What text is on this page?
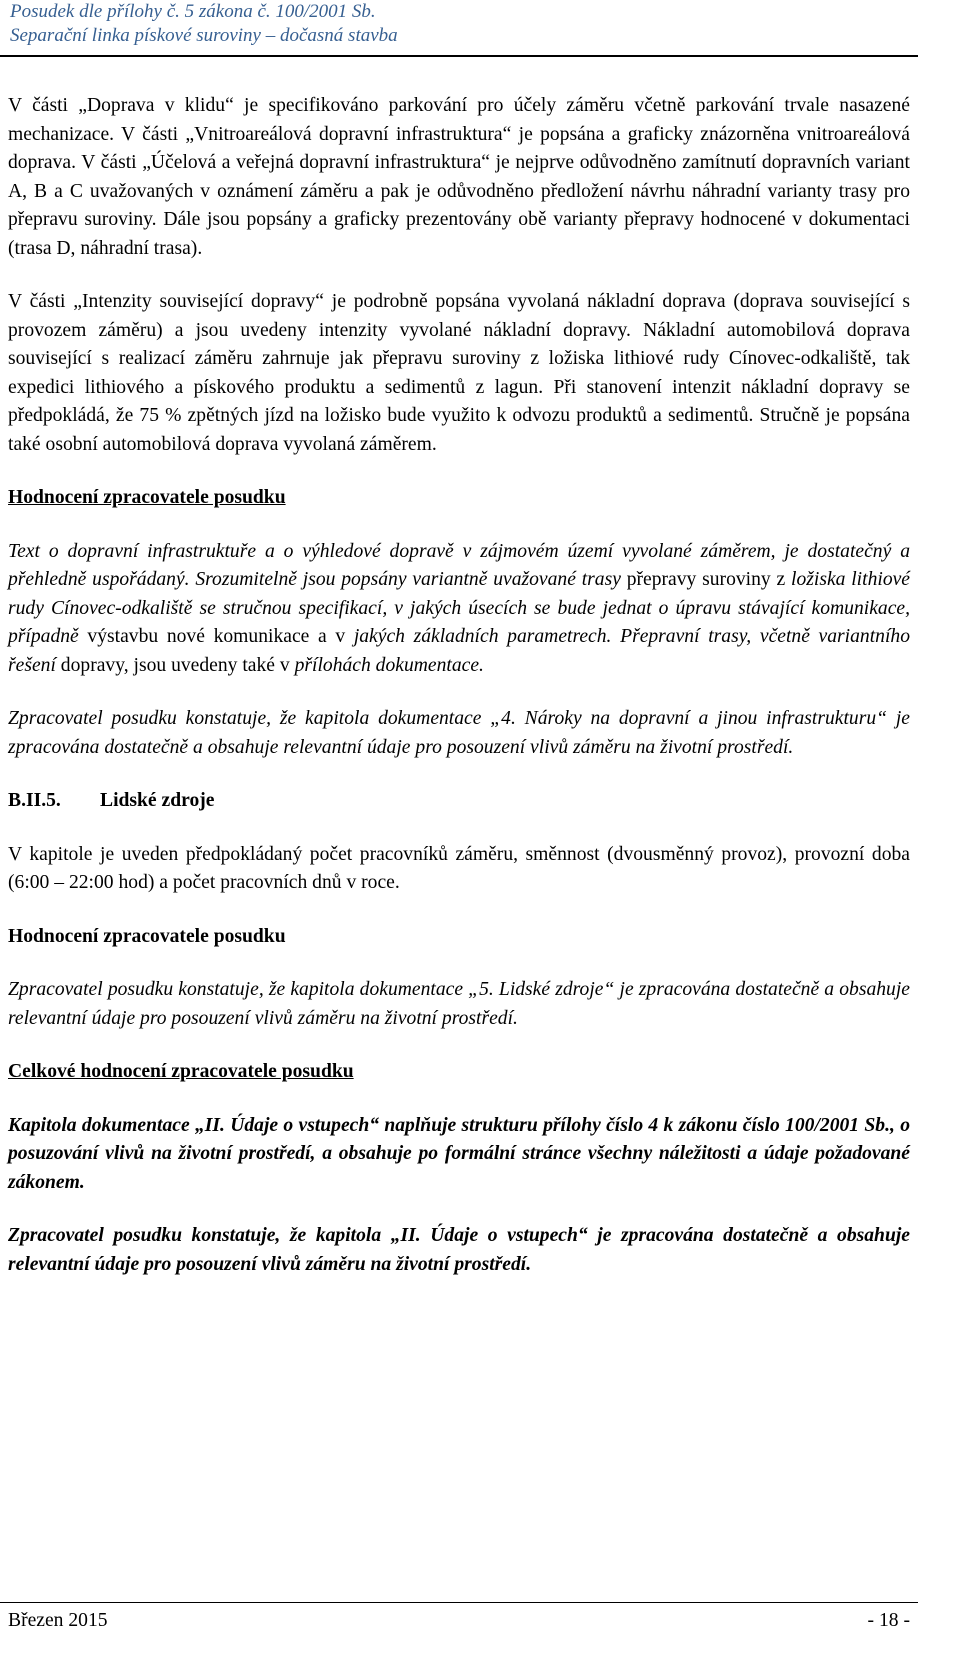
Posudek dle přílohy č. 5 zákona č. 100/2001 Sb.
Separační linka pískové suroviny – dočasná stavba

V části „Doprava v klidu“ je specifikováno parkování pro účely záměru včetně parkování trvale nasazené mechanizace. V části „Vnitroareálová dopravní infrastruktura“ je popsána a graficky znázorněna vnitroareálová doprava. V části „Účelová a veřejná dopravní infrastruktura“ je nejprve odůvodněno zamítnutí dopravních variant A, B a C uvažovaných v oznámení záměru a pak je odůvodněno předložení návrhu náhradní varianty trasy pro přepravu suroviny. Dále jsou popsány a graficky prezentovány obě varianty přepravy hodnocené v dokumentaci (trasa D, náhradní trasa).

V části „Intenzity související dopravy“ je podrobně popsána vyvolaná nákladní doprava (doprava související s provozem záměru) a jsou uvedeny intenzity vyvolané nákladní dopravy. Nákladní automobilová doprava související s realizací záměru zahrnuje jak přepravu suroviny z ložiska lithiové rudy Cínovec-odkaliště, tak expedici lithiového a pískového produktu a sedimentů z lagun. Při stanovení intenzit nákladní dopravy se předpokládá, že 75 % zpětných jízd na ložisko bude využito k odvozu produktů a sedimentů. Stručně je popsána také osobní automobilová doprava vyvolaná záměrem.

Hodnocení zpracovatele posudku

Text o dopravní infrastruktuře a o výhledové dopravě v zájmovém území vyvolané záměrem, je dostatečný a přehledně uspořádaný. Srozumitelně jsou popsány variantně uvažované trasy přepravy suroviny z ložiska lithiové rudy Cínovec-odkaliště se stručnou specifikací, v jakých úsecích se bude jednat o úpravu stávající komunikace, případně výstavbu nové komunikace a v jakých základních parametrech. Přepravní trasy, včetně variantního řešení dopravy, jsou uvedeny také v přílohách dokumentace.

Zpracovatel posudku konstatuje, že kapitola dokumentace „4. Nároky na dopravní a jinou infrastrukturu“ je zpracována dostatečně a obsahuje relevantní údaje pro posouzení vlivů záměru na životní prostředí.

B.II.5.	Lidské zdroje

V kapitole je uveden předpokládaný počet pracovníků záměru, směnnost (dvousměnný provoz), provozní doba (6:00 – 22:00 hod) a počet pracovních dnů v roce.

Hodnocení zpracovatele posudku

Zpracovatel posudku konstatuje, že kapitola dokumentace „5. Lidské zdroje“ je zpracována dostatečně a obsahuje relevantní údaje pro posouzení vlivů záměru na životní prostředí.

Celkové hodnocení zpracovatele posudku

Kapitola dokumentace „II. Údaje o vstupech“ naplňuje strukturu přílohy číslo 4 k zákonu číslo 100/2001 Sb., o posuzování vlivů na životní prostředí, a obsahuje po formální stránce všechny náležitosti a údaje požadované zákonem.

Zpracovatel posudku konstatuje, že kapitola „II. Údaje o vstupech“ je zpracována dostatečně a obsahuje relevantní údaje pro posouzení vlivů záměru na životní prostředí.

Březen 2015	- 18 -
